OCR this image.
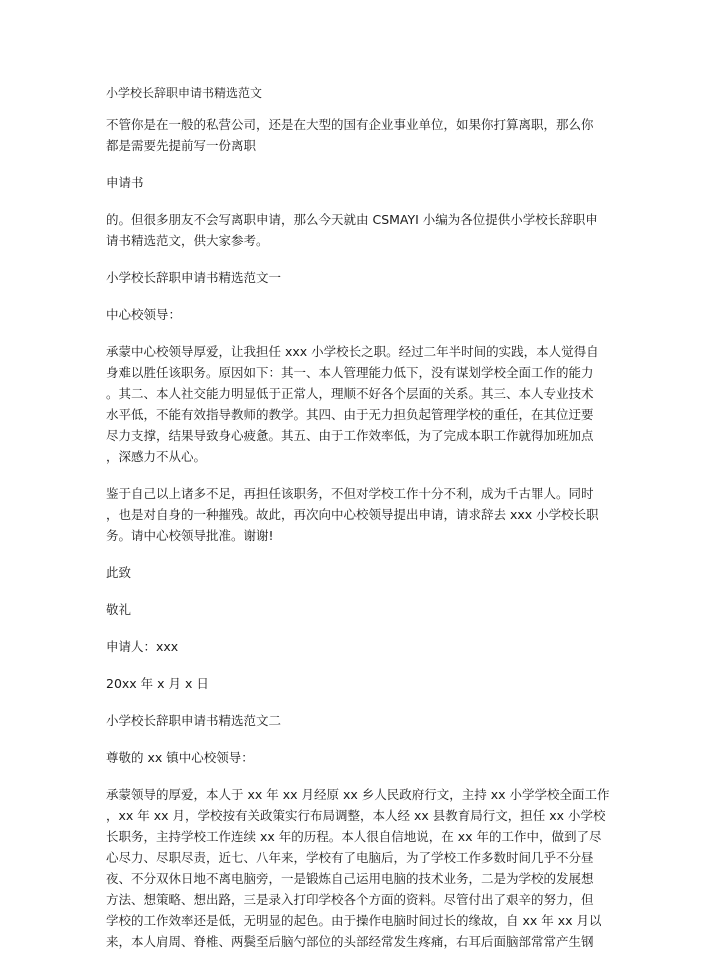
小学校长辞职申请书精选范文
不管你是在一般的私营公司，还是在大型的国有企业事业单位，如果你打算离职，那么你
都是需要先提前写一份离职
申请书
的。但很多朋友不会写离职申请，那么今天就由 CSMAYI 小编为各位提供小学校长辞职申
请书精选范文，供大家参考。
小学校长辞职申请书精选范文一
中心校领导：
承蒙中心校领导厚爱，让我担任 xxx 小学校长之职。经过二年半时间的实践，本人觉得自
身难以胜任该职务。原因如下：其一、本人管理能力低下，没有谋划学校全面工作的能力
。其二、本人社交能力明显低于正常人，理顺不好各个层面的关系。其三、本人专业技术
水平低，不能有效指导教师的教学。其四、由于无力担负起管理学校的重任，在其位迂要
尽力支撑，结果导致身心疲惫。其五、由于工作效率低，为了完成本职工作就得加班加点
，深感力不从心。
鉴于自己以上诸多不足，再担任该职务，不但对学校工作十分不利，成为千古罪人。同时
，也是对自身的一种摧残。故此，再次向中心校领导提出申请，请求辞去 xxx 小学校长职
务。请中心校领导批准。谢谢!
此致
敬礼
申请人：xxx
20xx 年 x 月 x 日
小学校长辞职申请书精选范文二
尊敬的 xx 镇中心校领导：
承蒙领导的厚爱，本人于 xx 年 xx 月经原 xx 乡人民政府行文，主持 xx 小学学校全面工作
，xx 年 xx 月，学校按有关政策实行布局调整，本人经 xx 县教育局行文，担任 xx 小学校
长职务，主持学校工作连续 xx 年的历程。本人很自信地说，在 xx 年的工作中，做到了尽
心尽力、尽职尽责，近七、八年来，学校有了电脑后，为了学校工作多数时间几乎不分昼
夜、不分双休日地不离电脑旁，一是锻炼自己运用电脑的技术业务，二是为学校的发展想
方法、想策略、想出路，三是录入打印学校各个方面的资料。尽管付出了艰辛的努力，但
学校的工作效率还是低，无明显的起色。由于操作电脑时间过长的缘故，自 xx 年 xx 月以
来，本人肩周、脊椎、两鬓至后脑勺部位的头部经常发生疼痛，右耳后面脑部常常产生钢
